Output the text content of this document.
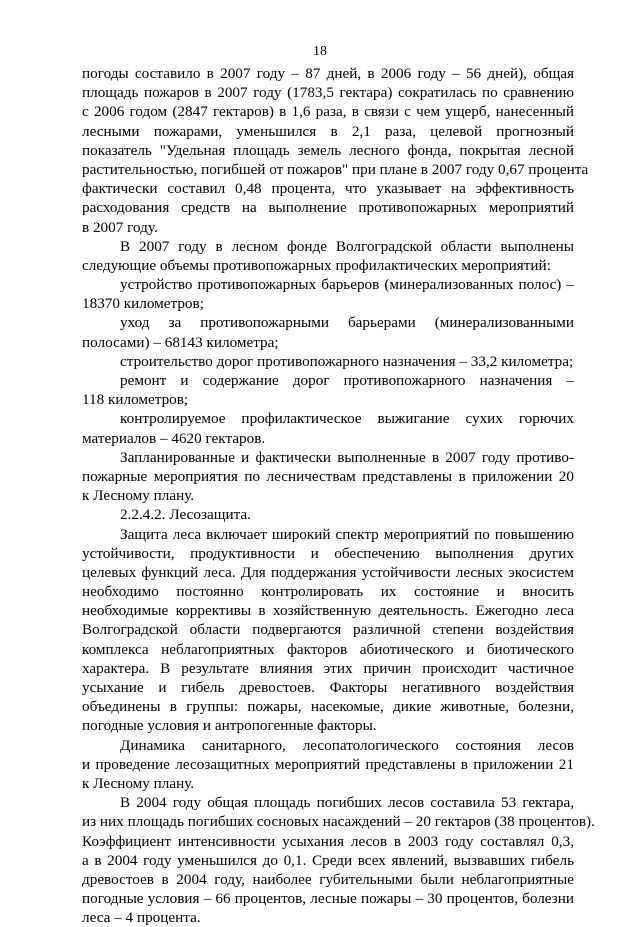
18
погоды составило в 2007 году – 87 дней, в 2006 году – 56 дней), общая
площадь пожаров в 2007 году (1783,5 гектара) сократилась по сравнению
с 2006 годом (2847 гектаров) в 1,6 раза, в связи с чем ущерб, нанесенный
лесными пожарами, уменьшился в 2,1 раза, целевой прогнозный
показатель "Удельная площадь земель лесного фонда, покрытая лесной
растительностью, погибшей от пожаров" при плане в 2007 году 0,67 процента
фактически составил 0,48 процента, что указывает на эффективность
расходования средств на выполнение противопожарных мероприятий
в 2007 году.
В 2007 году в лесном фонде Волгоградской области выполнены
следующие объемы противопожарных профилактических мероприятий:
устройство противопожарных барьеров (минерализованных полос) –
18370 километров;
уход за противопожарными барьерами (минерализованными
полосами) – 68143 километра;
строительство дорог противопожарного назначения – 33,2 километра;
ремонт и содержание дорог противопожарного назначения –
118 километров;
контролируемое профилактическое выжигание сухих горючих
материалов – 4620 гектаров.
Запланированные и фактически выполненные в 2007 году противо-
пожарные мероприятия по лесничествам представлены в приложении 20
к Лесному плану.
2.2.4.2. Лесозащита.
Защита леса включает широкий спектр мероприятий по повышению
устойчивости, продуктивности и обеспечению выполнения других
целевых функций леса. Для поддержания устойчивости лесных экосистем
необходимо постоянно контролировать их состояние и вносить
необходимые коррективы в хозяйственную деятельность. Ежегодно леса
Волгоградской области подвергаются различной степени воздействия
комплекса неблагоприятных факторов абиотического и биотического
характера. В результате влияния этих причин происходит частичное
усыхание и гибель древостоев. Факторы негативного воздействия
объединены в группы: пожары, насекомые, дикие животные, болезни,
погодные условия и антропогенные факторы.
Динамика санитарного, лесопатологического состояния лесов
и проведение лесозащитных мероприятий представлены в приложении 21
к Лесному плану.
В 2004 году общая площадь погибших лесов составила 53 гектара,
из них площадь погибших сосновых насаждений – 20 гектаров (38 процентов).
Коэффициент интенсивности усыхания лесов в 2003 году составлял 0,3,
а в 2004 году уменьшился до 0,1. Среди всех явлений, вызвавших гибель
древостоев в 2004 году, наиболее губительными были неблагоприятные
погодные условия – 66 процентов, лесные пожары – 30 процентов, болезни
леса – 4 процента.
